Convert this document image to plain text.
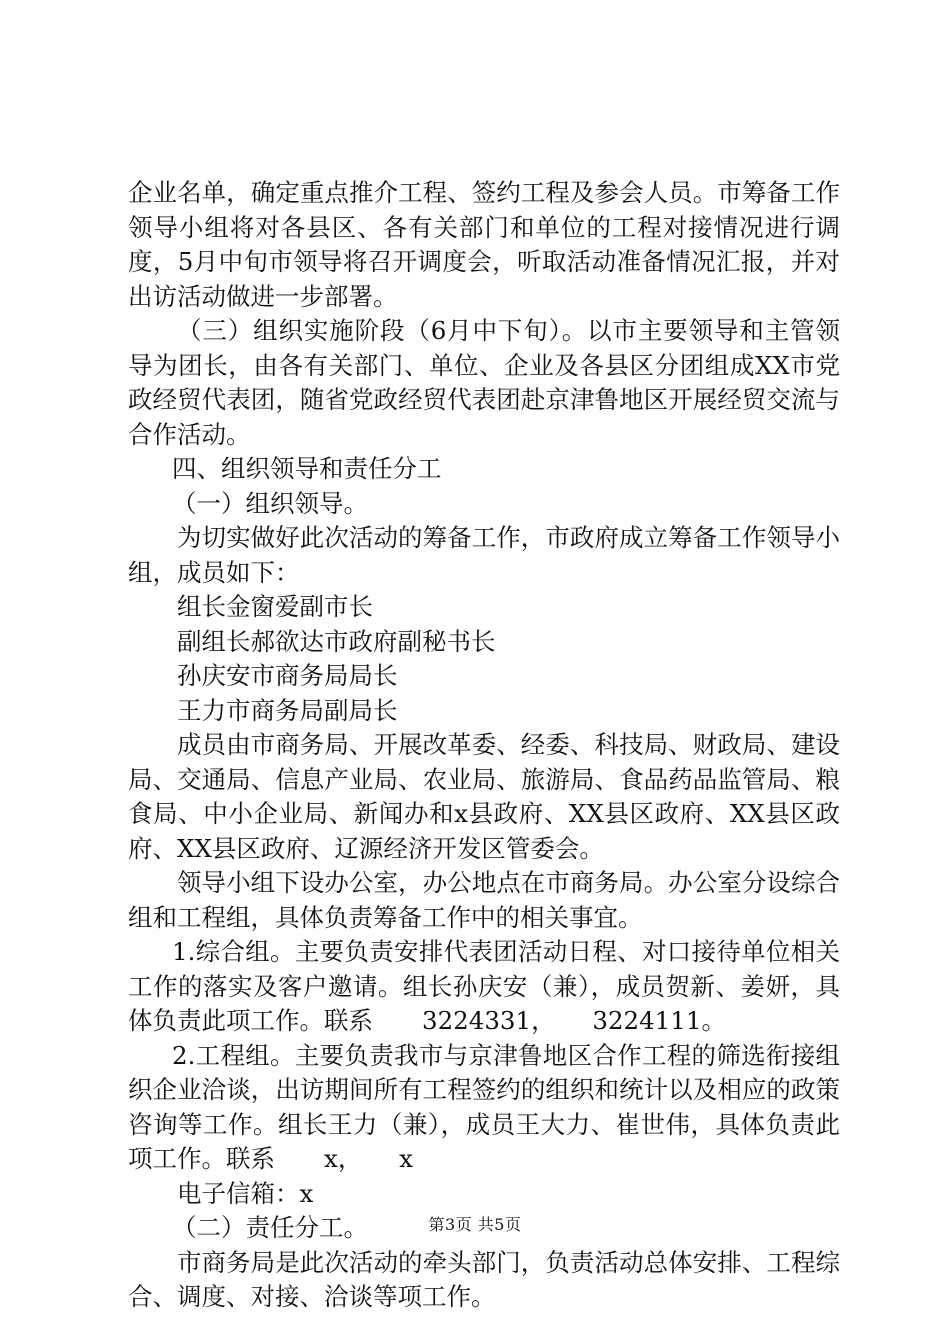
企业名单，确定重点推介工程、签约工程及参会人员。市筹备工作领导小组将对各县区、各有关部门和单位的工程对接情况进行调度，5月中旬市领导将召开调度会，听取活动准备情况汇报，并对出访活动做进一步部署。

（三）组织实施阶段（6月中下旬）。以市主要领导和主管领导为团长，由各有关部门、单位、企业及各县区分团组成XX市党政经贸代表团，随省党政经贸代表团赴京津鲁地区开展经贸交流与合作活动。

四、组织领导和责任分工

（一）组织领导。

为切实做好此次活动的筹备工作，市政府成立筹备工作领导小组，成员如下：

组长金窗爱副市长

副组长郝欲达市政府副秘书长

孙庆安市商务局局长

王力市商务局副局长

成员由市商务局、开展改革委、经委、科技局、财政局、建设局、交通局、信息产业局、农业局、旅游局、食品药品监管局、粮食局、中小企业局、新闻办和x县政府、XX县区政府、XX县区政府、XX县区政府、辽源经济开发区管委会。

领导小组下设办公室，办公地点在市商务局。办公室分设综合组和工程组，具体负责筹备工作中的相关事宜。

1.综合组。主要负责安排代表团活动日程、对口接待单位相关工作的落实及客户邀请。组长孙庆安（兼），成员贺新、姜妍，具体负责此项工作。联系　　3224331，　　3224111。

2.工程组。主要负责我市与京津鲁地区合作工程的筛选衔接组织企业洽谈，出访期间所有工程签约的组织和统计以及相应的政策咨询等工作。组长王力（兼），成员王大力、崔世伟，具体负责此项工作。联系　　x，　　x

电子信箱：x

（二）责任分工。

市商务局是此次活动的牵头部门，负责活动总体安排、工程综合、调度、对接、洽谈等项工作。

第3页 共5页
